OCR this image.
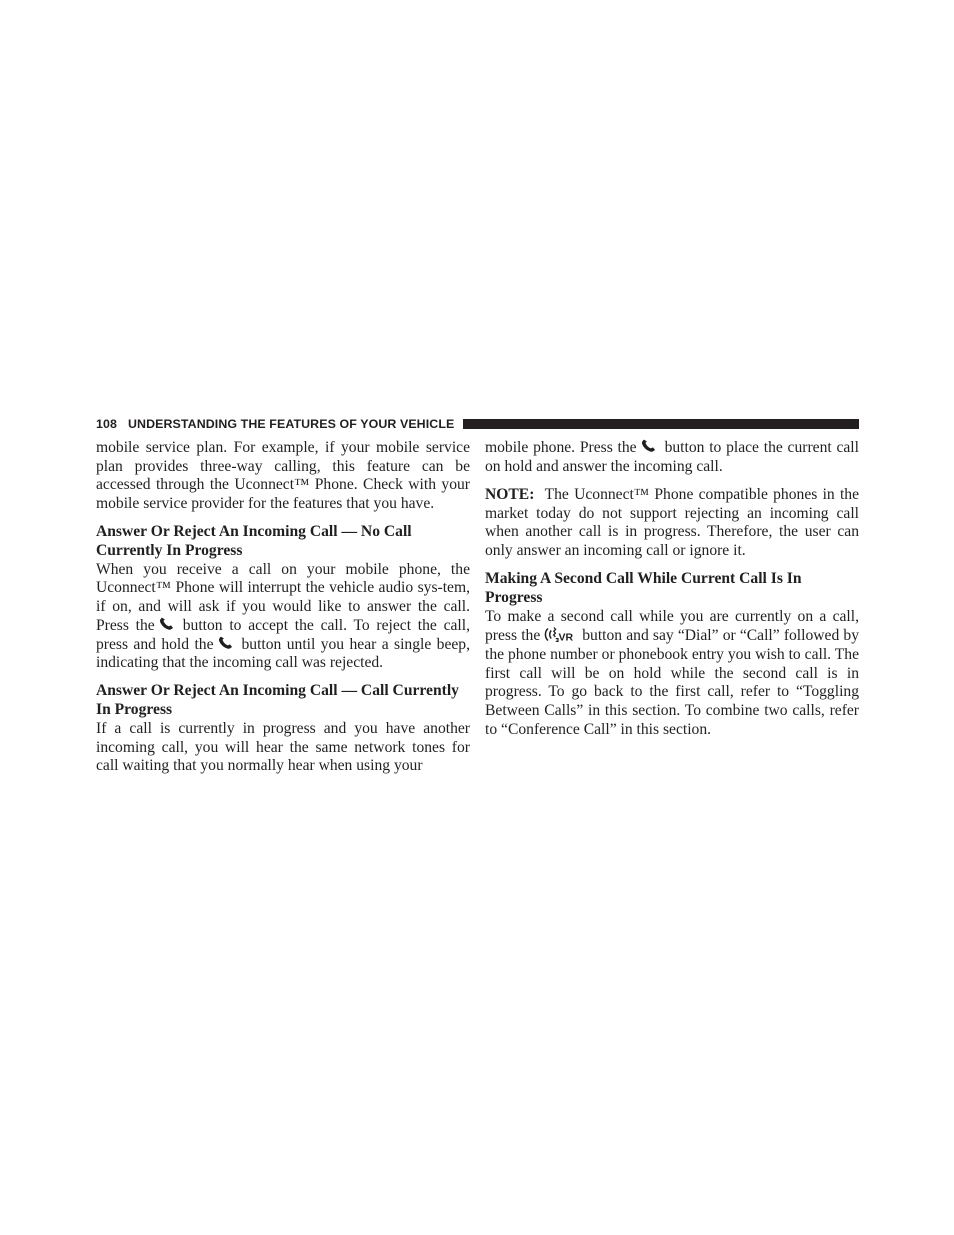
108 UNDERSTANDING THE FEATURES OF YOUR VEHICLE

mobile service plan. For example, if your mobile service plan provides three-way calling, this feature can be accessed through the Uconnect™ Phone. Check with your mobile service provider for the features that you have.

Answer Or Reject An Incoming Call — No Call Currently In Progress

When you receive a call on your mobile phone, the Uconnect™ Phone will interrupt the vehicle audio sys-tem, if on, and will ask if you would like to answer the call. Press the button to accept the call. To reject the call, press and hold the button until you hear a single beep, indicating that the incoming call was rejected.

Answer Or Reject An Incoming Call — Call Currently In Progress

If a call is currently in progress and you have another incoming call, you will hear the same network tones for call waiting that you normally hear when using your

mobile phone. Press the button to place the current call on hold and answer the incoming call.

NOTE: The Uconnect™ Phone compatible phones in the market today do not support rejecting an incoming call when another call is in progress. Therefore, the user can only answer an incoming call or ignore it.

Making A Second Call While Current Call Is In Progress

To make a second call while you are currently on a call, press the VR button and say “Dial” or “Call” followed by the phone number or phonebook entry you wish to call. The first call will be on hold while the second call is in progress. To go back to the first call, refer to “Toggling Between Calls” in this section. To combine two calls, refer to “Conference Call” in this section.
